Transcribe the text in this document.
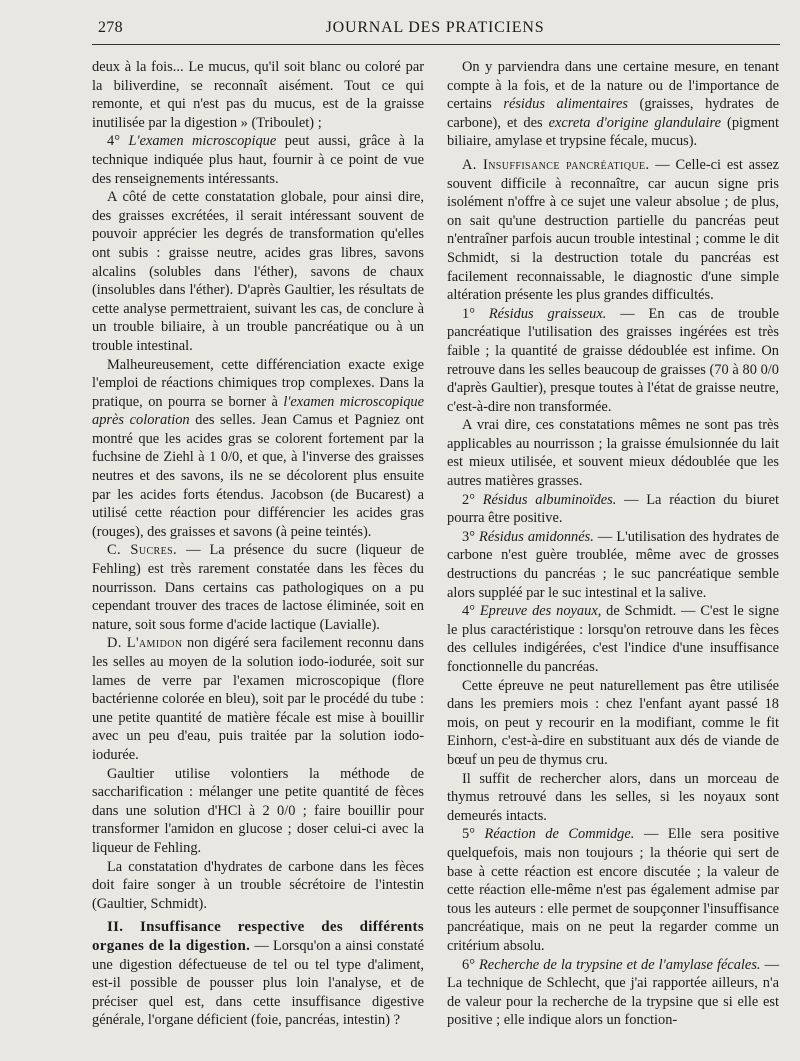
278	JOURNAL DES PRATICIENS

deux à la fois... Le mucus, qu'il soit blanc ou coloré par la biliverdine, se reconnaît aisément. Tout ce qui remonte, et qui n'est pas du mucus, est de la graisse inutilisée par la digestion » (Triboulet) ;

4° L'examen microscopique peut aussi, grâce à la technique indiquée plus haut, fournir à ce point de vue des renseignements intéressants.

A côté de cette constatation globale, pour ainsi dire, des graisses excrétées, il serait intéressant souvent de pouvoir apprécier les degrés de transformation qu'elles ont subis : graisse neutre, acides gras libres, savons alcalins (solubles dans l'éther), savons de chaux (insolubles dans l'éther). D'après Gaultier, les résultats de cette analyse permettraient, suivant les cas, de conclure à un trouble biliaire, à un trouble pancréatique ou à un trouble intestinal.

Malheureusement, cette différenciation exacte exige l'emploi de réactions chimiques trop complexes. Dans la pratique, on pourra se borner à l'examen microscopique après coloration des selles. Jean Camus et Pagniez ont montré que les acides gras se colorent fortement par la fuchsine de Ziehl à 1 0/0, et que, à l'inverse des graisses neutres et des savons, ils ne se décolorent plus ensuite par les acides forts étendus. Jacobson (de Bucarest) a utilisé cette réaction pour différencier les acides gras (rouges), des graisses et savons (à peine teintés).

C. Sucres. — La présence du sucre (liqueur de Fehling) est très rarement constatée dans les fèces du nourrisson. Dans certains cas pathologiques on a pu cependant trouver des traces de lactose éliminée, soit en nature, soit sous forme d'acide lactique (Lavialle).

D. L'amidon non digéré sera facilement reconnu dans les selles au moyen de la solution iodo-iodurée, soit sur lames de verre par l'examen microscopique (flore bactérienne colorée en bleu), soit par le procédé du tube : une petite quantité de matière fécale est mise à bouillir avec un peu d'eau, puis traitée par la solution iodo-iodurée.

Gaultier utilise volontiers la méthode de saccharification : mélanger une petite quantité de fèces dans une solution d'HCl à 2 0/0 ; faire bouillir pour transformer l'amidon en glucose ; doser celui-ci avec la liqueur de Fehling.

La constatation d'hydrates de carbone dans les fèces doit faire songer à un trouble sécrétoire de l'intestin (Gaultier, Schmidt).

II. Insuffisance respective des différents organes de la digestion. — Lorsqu'on a ainsi constaté une digestion défectueuse de tel ou tel type d'aliment, est-il possible de pousser plus loin l'analyse, et de préciser quel est, dans cette insuffisance digestive générale, l'organe déficient (foie, pancréas, intestin) ?

On y parviendra dans une certaine mesure, en tenant compte à la fois, et de la nature ou de l'importance de certains résidus alimentaires (graisses, hydrates de carbone), et des excreta d'origine glandulaire (pigment biliaire, amylase et trypsine fécale, mucus).

A. Insuffisance pancréatique. — Celle-ci est assez souvent difficile à reconnaître, car aucun signe pris isolément n'offre à ce sujet une valeur absolue ; de plus, on sait qu'une destruction partielle du pancréas peut n'entraîner parfois aucun trouble intestinal ; comme le dit Schmidt, si la destruction totale du pancréas est facilement reconnaissable, le diagnostic d'une simple altération présente les plus grandes difficultés.

1° Résidus graisseux. — En cas de trouble pancréatique l'utilisation des graisses ingérées est très faible ; la quantité de graisse dédoublée est infime. On retrouve dans les selles beaucoup de graisses (70 à 80 0/0 d'après Gaultier), presque toutes à l'état de graisse neutre, c'est-à-dire non transformée.

A vrai dire, ces constatations mêmes ne sont pas très applicables au nourrisson ; la graisse émulsionnée du lait est mieux utilisée, et souvent mieux dédoublée que les autres matières grasses.

2° Résidus albuminoïdes. — La réaction du biuret pourra être positive.

3° Résidus amidonnés. — L'utilisation des hydrates de carbone n'est guère troublée, même avec de grosses destructions du pancréas ; le suc pancréatique semble alors suppléé par le suc intestinal et la salive.

4° Epreuve des noyaux, de Schmidt. — C'est le signe le plus caractéristique : lorsqu'on retrouve dans les fèces des cellules indigérées, c'est l'indice d'une insuffisance fonctionnelle du pancréas.

Cette épreuve ne peut naturellement pas être utilisée dans les premiers mois : chez l'enfant ayant passé 18 mois, on peut y recourir en la modifiant, comme le fit Einhorn, c'est-à-dire en substituant aux dés de viande de bœuf un peu de thymus cru.

Il suffit de rechercher alors, dans un morceau de thymus retrouvé dans les selles, si les noyaux sont demeurés intacts.

5° Réaction de Commidge. — Elle sera positive quelquefois, mais non toujours ; la théorie qui sert de base à cette réaction est encore discutée ; la valeur de cette réaction elle-même n'est pas également admise par tous les auteurs : elle permet de soupçonner l'insuffisance pancréatique, mais on ne peut la regarder comme un critérium absolu.

6° Recherche de la trypsine et de l'amylase fécales. — La technique de Schlecht, que j'ai rapportée ailleurs, n'a de valeur pour la recherche de la trypsine que si elle est positive ; elle indique alors un fonction-
